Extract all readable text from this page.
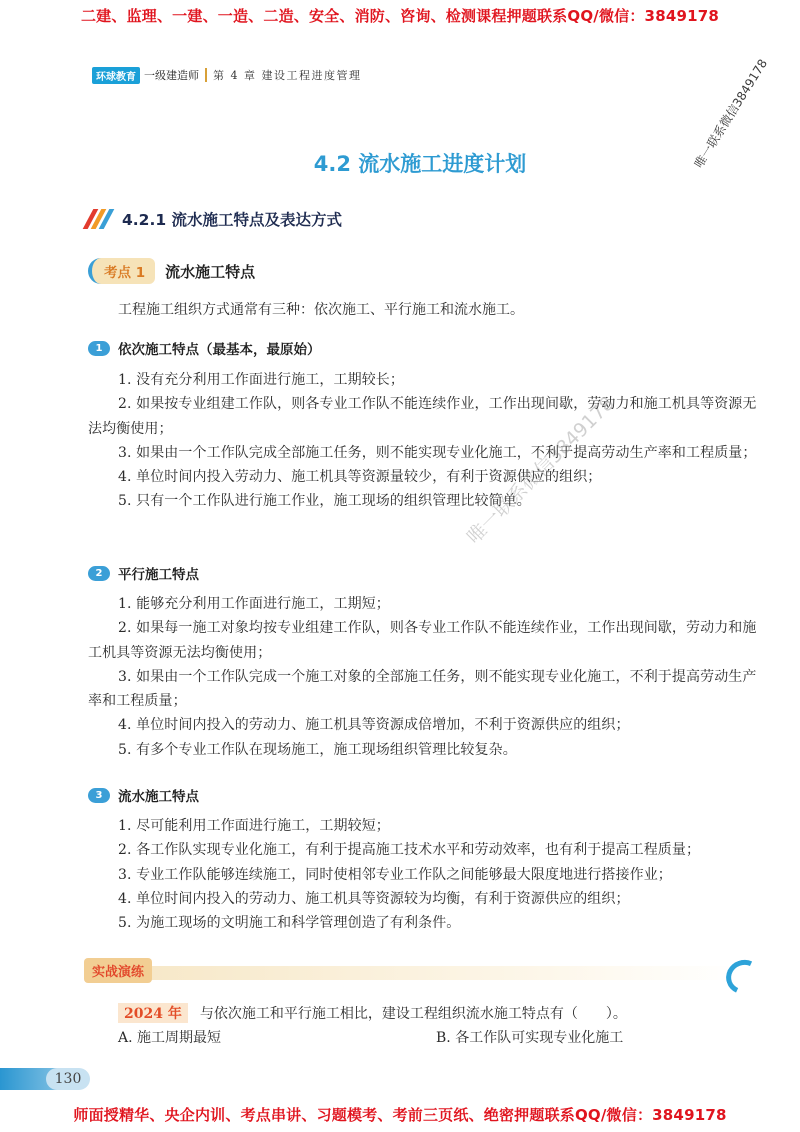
二建、监理、一建、一造、二造、安全、消防、咨询、检测课程押题联系QQ/微信：3849178
环球教育 一级建造师 第 4 章 建设工程进度管理	唯一联系微信3849178
4.2 流水施工进度计划
4.2.1 流水施工特点及表达方式
考点 1	流水施工特点

工程施工组织方式通常有三种：依次施工、平行施工和流水施工。

1	依次施工特点（最基本，最原始）

1. 没有充分利用工作面进行施工，工期较长；

2. 如果按专业组建工作队，则各专业工作队不能连续作业，工作出现间歇，劳动力和施工机具等资源无法均衡使用；

3. 如果由一个工作队完成全部施工任务，则不能实现专业化施工，不利于提高劳动生产率和工程质量；

4. 单位时间内投入劳动力、施工机具等资源量较少，有利于资源供应的组织；

5. 只有一个工作队进行施工作业，施工现场的组织管理比较简单。

2	平行施工特点

1. 能够充分利用工作面进行施工，工期短；

2. 如果每一施工对象均按专业组建工作队，则各专业工作队不能连续作业，工作出现间歇，劳动力和施工机具等资源无法均衡使用；

3. 如果由一个工作队完成一个施工对象的全部施工任务，则不能实现专业化施工，不利于提高劳动生产率和工程质量；

4. 单位时间内投入的劳动力、施工机具等资源成倍增加，不利于资源供应的组织；

5. 有多个专业工作队在现场施工，施工现场组织管理比较复杂。

3	流水施工特点

1. 尽可能利用工作面进行施工，工期较短；

2. 各工作队实现专业化施工，有利于提高施工技术水平和劳动效率，也有利于提高工程质量；

3. 专业工作队能够连续施工，同时使相邻专业工作队之间能够最大限度地进行搭接作业；

4. 单位时间内投入的劳动力、施工机具等资源较为均衡，有利于资源供应的组织；

5. 为施工现场的文明施工和科学管理创造了有利条件。

唯一联系微信3849178
实战演练
2024 年	与依次施工和平行施工相比，建设工程组织流水施工特点有（　　）。
A. 施工周期最短	B. 各工作队可实现专业化施工
130
师面授精华、央企内训、考点串讲、习题模考、考前三页纸、绝密押题联系QQ/微信：3849178
